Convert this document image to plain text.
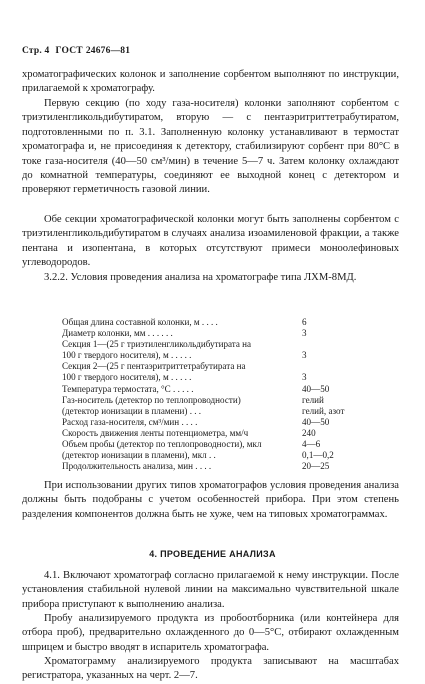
Стр. 4 ГОСТ 24676—81
хроматографических колонок и заполнение сорбентом выполняют по инструкции, прилагаемой к хроматографу.
Первую секцию (по ходу газа-носителя) колонки заполняют сорбентом с триэтиленгликольдибутиратом, вторую — с пентаэритриттетрабутиратом, подготовленными по п. 3.1. Заполненную колонку устанавливают в термостат хроматографа и, не присоединяя к детектору, стабилизируют сорбент при 80°С в токе газа-носителя (40—50 см³/мин) в течение 5—7 ч. Затем колонку охлаждают до комнатной температуры, соединяют ее выходной конец с детектором и проверяют герметичность газовой линии.
Обе секции хроматографической колонки могут быть заполнены сорбентом с триэтиленгликольдибутиратом в случаях анализа изоамиленовой фракции, а также пентана и изопентана, в которых отсутствуют примеси моноолефиновых углеводородов.
3.2.2. Условия проведения анализа на хроматографе типа ЛХМ-8МД.
Общая длина составной колонки, м . . . .	6
Диаметр колонки, мм . . . . . .	3
Секция 1—(25 г триэтиленгликольдибутирата на
100 г твердого носителя), м . . . . .	3
Секция 2—(25 г пентаэритриттетрабутирата на
100 г твердого носителя), м . . . . .	3
Температура термостата, °С . . . . .	40—50
Газ-носитель (детектор по теплопроводности)	гелий
(детектор ионизации в пламени) . . .	гелий, азот
Расход газа-носителя, см³/мин . . . .	40—50
Скорость движения ленты потенциометра, мм/ч	240
Объем пробы (детектор по теплопроводности), мкл	4—6
(детектор ионизации в пламени), мкл . .	0,1—0,2
Продолжительность анализа, мин . . . .	20—25
При использовании других типов хроматографов условия проведения анализа должны быть подобраны с учетом особенностей прибора. При этом степень разделения компонентов должна быть не хуже, чем на типовых хроматограммах.
4. ПРОВЕДЕНИЕ АНАЛИЗА
4.1. Включают хроматограф согласно прилагаемой к нему инструкции. После установления стабильной нулевой линии на максимально чувствительной шкале прибора приступают к выполнению анализа.
Пробу анализируемого продукта из пробоотборника (или контейнера для отбора проб), предварительно охлажденного до 0—5°С, отбирают охлажденным шприцем и быстро вводят в испаритель хроматографа.
Хроматограмму анализируемого продукта записывают на масштабах регистратора, указанных на черт. 2—7.
